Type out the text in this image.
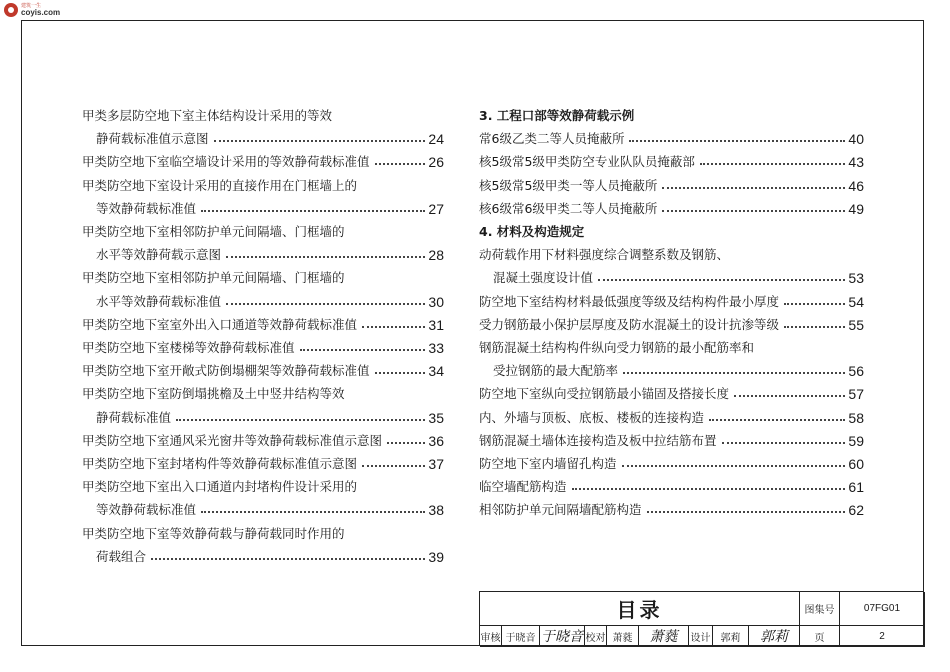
建筑一生
coyis.com
甲类多层防空地下室主体结构设计采用的等效
静荷载标准值示意图	24
甲类防空地下室临空墙设计采用的等效静荷载标准值	26
甲类防空地下室设计采用的直接作用在门框墙上的
等效静荷载标准值	27
甲类防空地下室相邻防护单元间隔墙、门框墙的
水平等效静荷载示意图	28
甲类防空地下室相邻防护单元间隔墙、门框墙的
水平等效静荷载标准值	30
甲类防空地下室室外出入口通道等效静荷载标准值	31
甲类防空地下室楼梯等效静荷载标准值	33
甲类防空地下室开敞式防倒塌棚架等效静荷载标准值	34
甲类防空地下室防倒塌挑檐及土中竖井结构等效
静荷载标准值	35
甲类防空地下室通风采光窗井等效静荷载标准值示意图	36
甲类防空地下室封堵构件等效静荷载标准值示意图	37
甲类防空地下室出入口通道内封堵构件设计采用的
等效静荷载标准值	38
甲类防空地下室等效静荷载与静荷载同时作用的
荷载组合	39
3. 工程口部等效静荷载示例
常6级乙类二等人员掩蔽所	40
核5级常5级甲类防空专业队队员掩蔽部	43
核5级常5级甲类一等人员掩蔽所	46
核6级常6级甲类二等人员掩蔽所	49
4. 材料及构造规定
动荷载作用下材料强度综合调整系数及钢筋、
混凝土强度设计值	53
防空地下室结构材料最低强度等级及结构构件最小厚度	54
受力钢筋最小保护层厚度及防水混凝土的设计抗渗等级	55
钢筋混凝土结构构件纵向受力钢筋的最小配筋率和
受拉钢筋的最大配筋率	56
防空地下室纵向受拉钢筋最小锚固及搭接长度	57
内、外墙与顶板、底板、楼板的连接构造	58
钢筋混凝土墙体连接构造及板中拉结筋布置	59
防空地下室内墙留孔构造	60
临空墙配筋构造	61
相邻防护单元间隔墙配筋构造	62
目录	图集号	07FG01
审核 于晓音 于晓音 校对 萧蕤 萧蕤 设计 郭莉 郭莉	页	2
